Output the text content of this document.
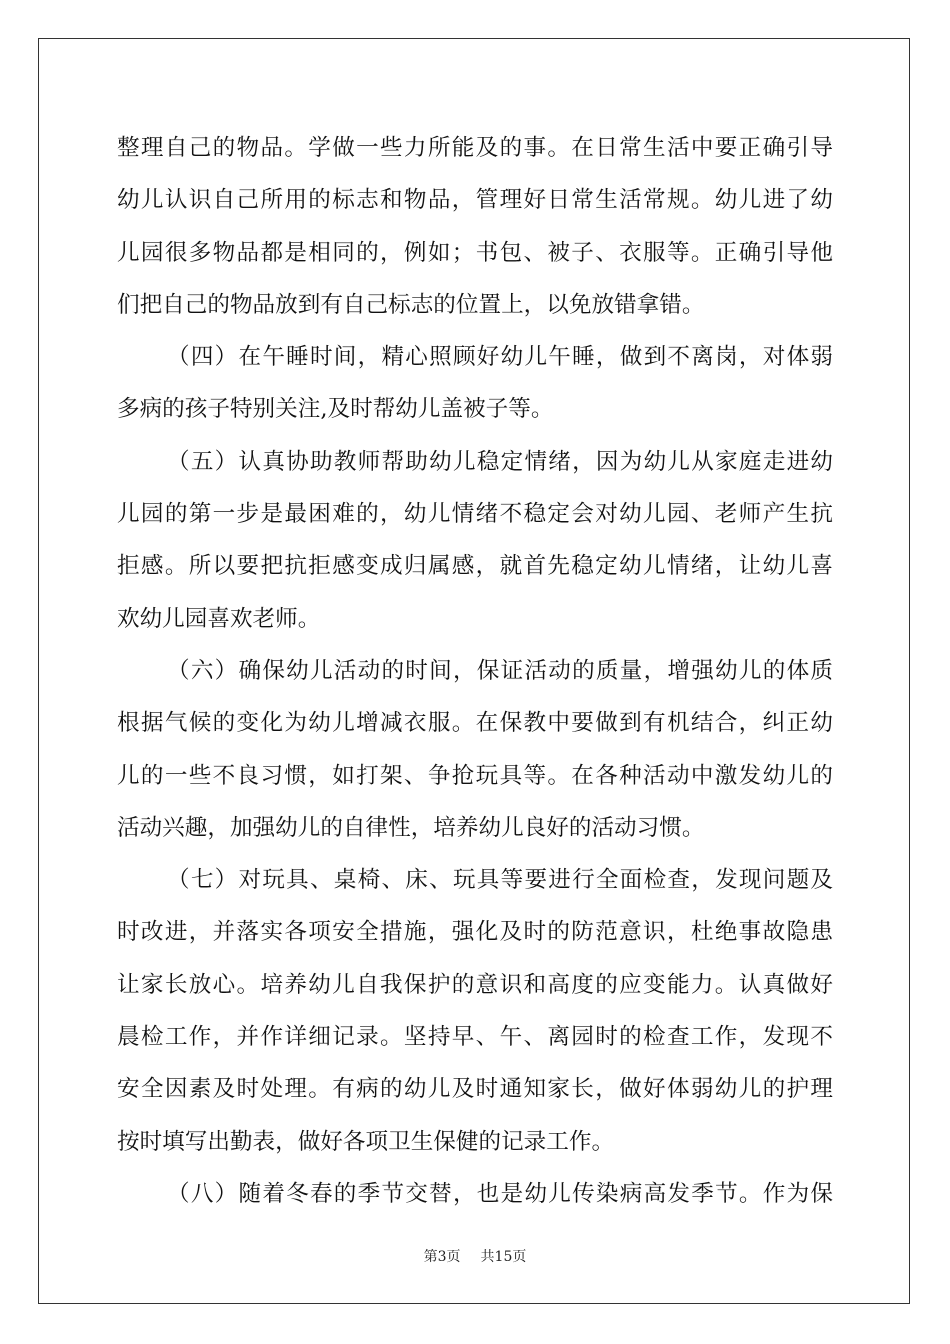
整理自己的物品。学做一些力所能及的事。在日常生活中要正确引导
幼儿认识自己所用的标志和物品，管理好日常生活常规。幼儿进了幼
儿园很多物品都是相同的，例如；书包、被子、衣服等。正确引导他
们把自己的物品放到有自己标志的位置上，以免放错拿错。
（四）在午睡时间，精心照顾好幼儿午睡，做到不离岗，对体弱
多病的孩子特别关注,及时帮幼儿盖被子等。
（五）认真协助教师帮助幼儿稳定情绪，因为幼儿从家庭走进幼
儿园的第一步是最困难的，幼儿情绪不稳定会对幼儿园、老师产生抗
拒感。所以要把抗拒感变成归属感，就首先稳定幼儿情绪，让幼儿喜
欢幼儿园喜欢老师。
（六）确保幼儿活动的时间，保证活动的质量，增强幼儿的体质
根据气候的变化为幼儿增减衣服。在保教中要做到有机结合，纠正幼
儿的一些不良习惯，如打架、争抢玩具等。在各种活动中激发幼儿的
活动兴趣，加强幼儿的自律性，培养幼儿良好的活动习惯。
（七）对玩具、桌椅、床、玩具等要进行全面检查，发现问题及
时改进，并落实各项安全措施，强化及时的防范意识，杜绝事故隐患
让家长放心。培养幼儿自我保护的意识和高度的应变能力。认真做好
晨检工作，并作详细记录。坚持早、午、离园时的检查工作，发现不
安全因素及时处理。有病的幼儿及时通知家长，做好体弱幼儿的护理
按时填写出勤表，做好各项卫生保健的记录工作。
（八）随着冬春的季节交替，也是幼儿传染病高发季节。作为保
第3页 共15页
